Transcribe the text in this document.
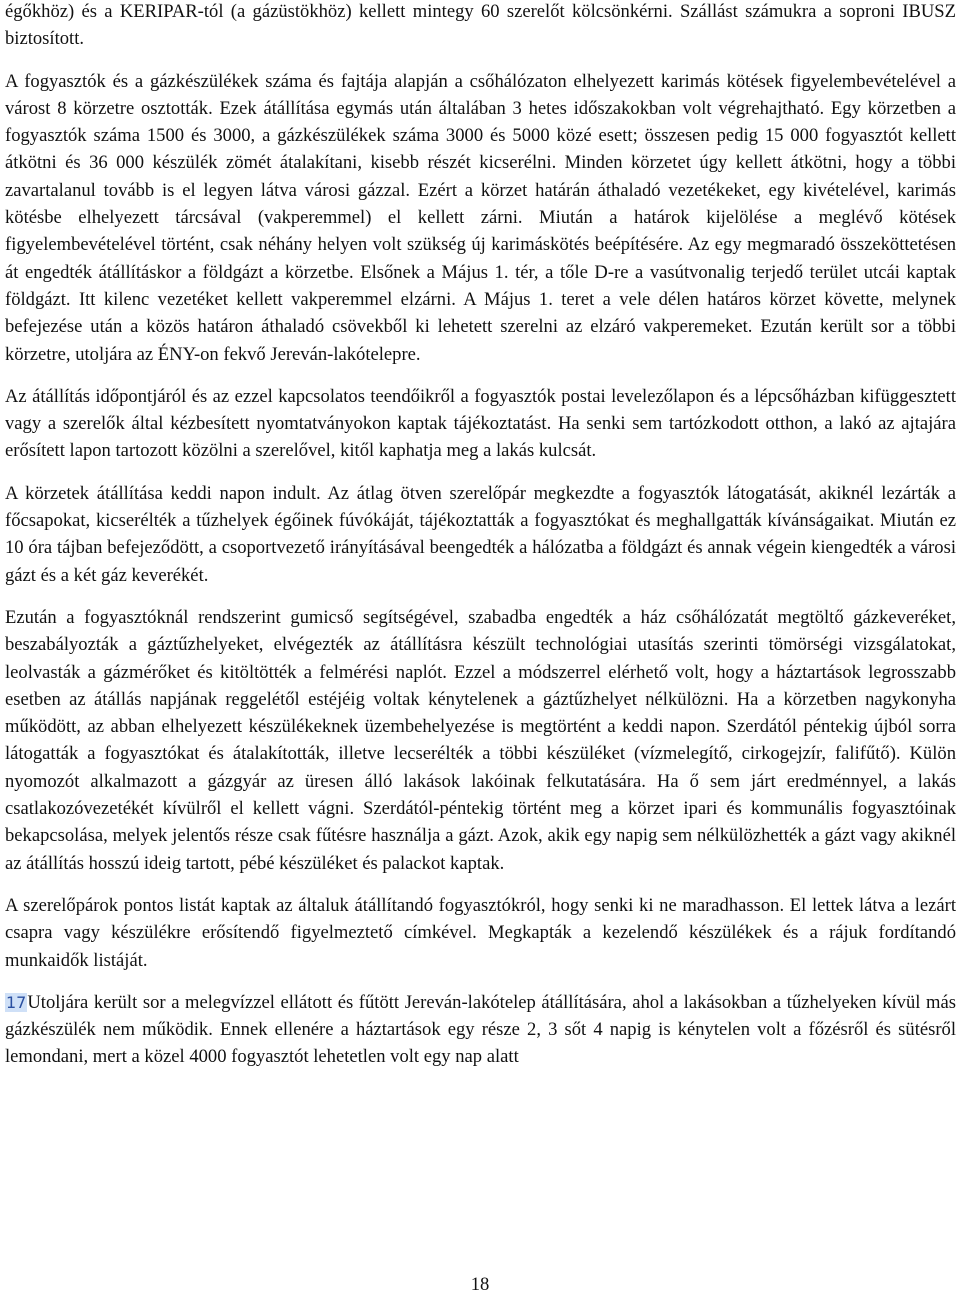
égőkhöz) és a KERIPAR-tól (a gázüstökhöz) kellett mintegy 60 szerelőt kölcsönkérni. Szállást számukra a soproni IBUSZ biztosított.

A fogyasztók és a gázkészülékek száma és fajtája alapján a csőhálózaton elhelyezett karimás kötések figyelembevételével a várost 8 körzetre osztották. Ezek átállítása egymás után általában 3 hetes időszakokban volt végrehajtható. Egy körzetben a fogyasztók száma 1500 és 3000, a gázkészülékek száma 3000 és 5000 közé esett; összesen pedig 15 000 fogyasztót kellett átkötni és 36 000 készülék zömét átalakítani, kisebb részét kicserélni. Minden körzetet úgy kellett átkötni, hogy a többi zavartalanul tovább is el legyen látva városi gázzal. Ezért a körzet határán áthaladó vezetékeket, egy kivételével, karimás kötésbe elhelyezett tárcsával (vakperemmel) el kellett zárni. Miután a határok kijelölése a meglévő kötések figyelembevételével történt, csak néhány helyen volt szükség új karimáskötés beépítésére. Az egy megmaradó összeköttetésen át engedték átállításkor a földgázt a körzetbe. Elsőnek a Május 1. tér, a tőle D-re a vasútvonalig terjedő terület utcái kaptak földgázt. Itt kilenc vezetéket kellett vakperemmel elzárni. A Május 1. teret a vele délen határos körzet követte, melynek befejezése után a közös határon áthaladó csövekből ki lehetett szerelni az elzáró vakperemeket. Ezután került sor a többi körzetre, utoljára az ÉNY-on fekvő Jereván-lakótelepre.

Az átállítás időpontjáról és az ezzel kapcsolatos teendőikről a fogyasztók postai levelezőlapon és a lépcsőházban kifüggesztett vagy a szerelők által kézbesített nyomtatványokon kaptak tájékoztatást. Ha senki sem tartózkodott otthon, a lakó az ajtajára erősített lapon tartozott közölni a szerelővel, kitől kaphatja meg a lakás kulcsát.

A körzetek átállítása keddi napon indult. Az átlag ötven szerelőpár megkezdte a fogyasztók látogatását, akiknél lezárták a főcsapokat, kicserélték a tűzhelyek égőinek fúvókáját, tájékoztatták a fogyasztókat és meghallgatták kívánságaikat. Miután ez 10 óra tájban befejeződött, a csoportvezető irányításával beengedték a hálózatba a földgázt és annak végein kiengedték a városi gázt és a két gáz keverékét.

Ezután a fogyasztóknál rendszerint gumicső segítségével, szabadba engedték a ház csőhálózatát megtöltő gázkeveréket, beszabályozták a gáztűzhelyeket, elvégezték az átállításra készült technológiai utasítás szerinti tömörségi vizsgálatokat, leolvasták a gázmérőket és kitöltötték a felmérési naplót. Ezzel a módszerrel elérhető volt, hogy a háztartások legrosszabb esetben az átállás napjának reggelétől estéjéig voltak kénytelenek a gáztűzhelyet nélkülözni. Ha a körzetben nagykonyha működött, az abban elhelyezett készülékeknek üzembehelyezése is megtörtént a keddi napon. Szerdától péntekig újból sorra látogatták a fogyasztókat és átalakították, illetve lecserélték a többi készüléket (vízmelegítő, cirkogejzír, falifűtő). Külön nyomozót alkalmazott a gázgyár az üresen álló lakások lakóinak felkutatására. Ha ő sem járt eredménnyel, a lakás csatlakozóvezetékét kívülről el kellett vágni. Szerdától-péntekig történt meg a körzet ipari és kommunális fogyasztóinak bekapcsolása, melyek jelentős része csak fűtésre használja a gázt. Azok, akik egy napig sem nélkülözhették a gázt vagy akiknél az átállítás hosszú ideig tartott, pébé készüléket és palackot kaptak.

A szerelőpárok pontos listát kaptak az általuk átállítandó fogyasztókról, hogy senki ki ne maradhasson. El lettek látva a lezárt csapra vagy készülékre erősítendő figyelmeztető címkével. Megkapták a kezelendő készülékek és a rájuk fordítandó munkaidők listáját.

17Utoljára került sor a melegvízzel ellátott és fűtött Jereván-lakótelep átállítására, ahol a lakásokban a tűzhelyeken kívül más gázkészülék nem működik. Ennek ellenére a háztartások egy része 2, 3 sőt 4 napig is kénytelen volt a főzésről és sütésről lemondani, mert a közel 4000 fogyasztót lehetetlen volt egy nap alatt

18
